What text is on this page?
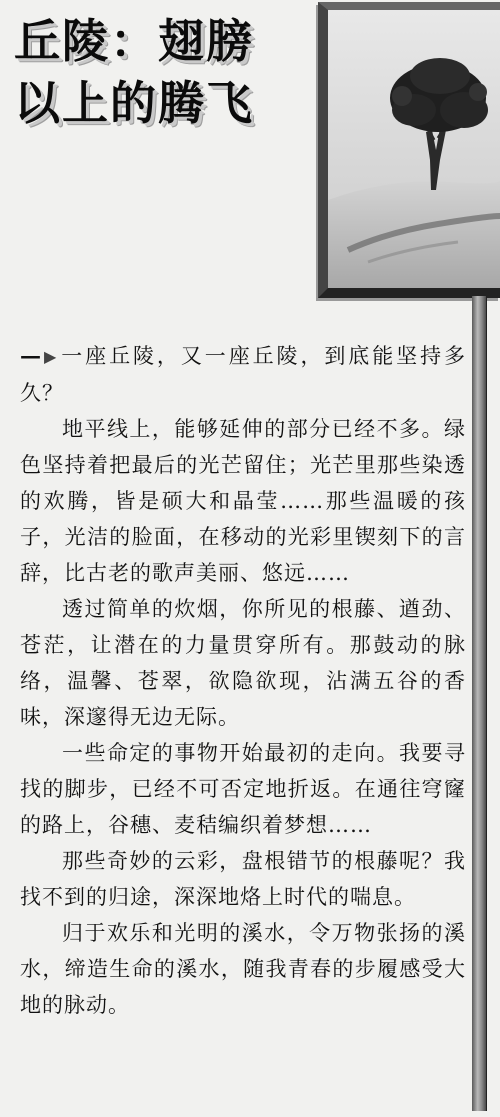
丘陵：翅膀
以上的腾飞

— ▶一座丘陵，又一座丘陵，到底能坚持多久？

地平线上，能够延伸的部分已经不多。绿色坚持着把最后的光芒留住；光芒里那些染透的欢腾，皆是硕大和晶莹……那些温暖的孩子，光洁的脸面，在移动的光彩里锲刻下的言辞，比古老的歌声美丽、悠远……

透过简单的炊烟，你所见的根藤、遒劲、苍茫，让潜在的力量贯穿所有。那鼓动的脉络，温馨、苍翠，欲隐欲现，沾满五谷的香味，深邃得无边无际。

一些命定的事物开始最初的走向。我要寻找的脚步，已经不可否定地折返。在通往穹窿的路上，谷穗、麦秸编织着梦想……

那些奇妙的云彩，盘根错节的根藤呢？我找不到的归途，深深地烙上时代的喘息。

归于欢乐和光明的溪水，令万物张扬的溪水，缔造生命的溪水，随我青春的步履感受大地的脉动。
